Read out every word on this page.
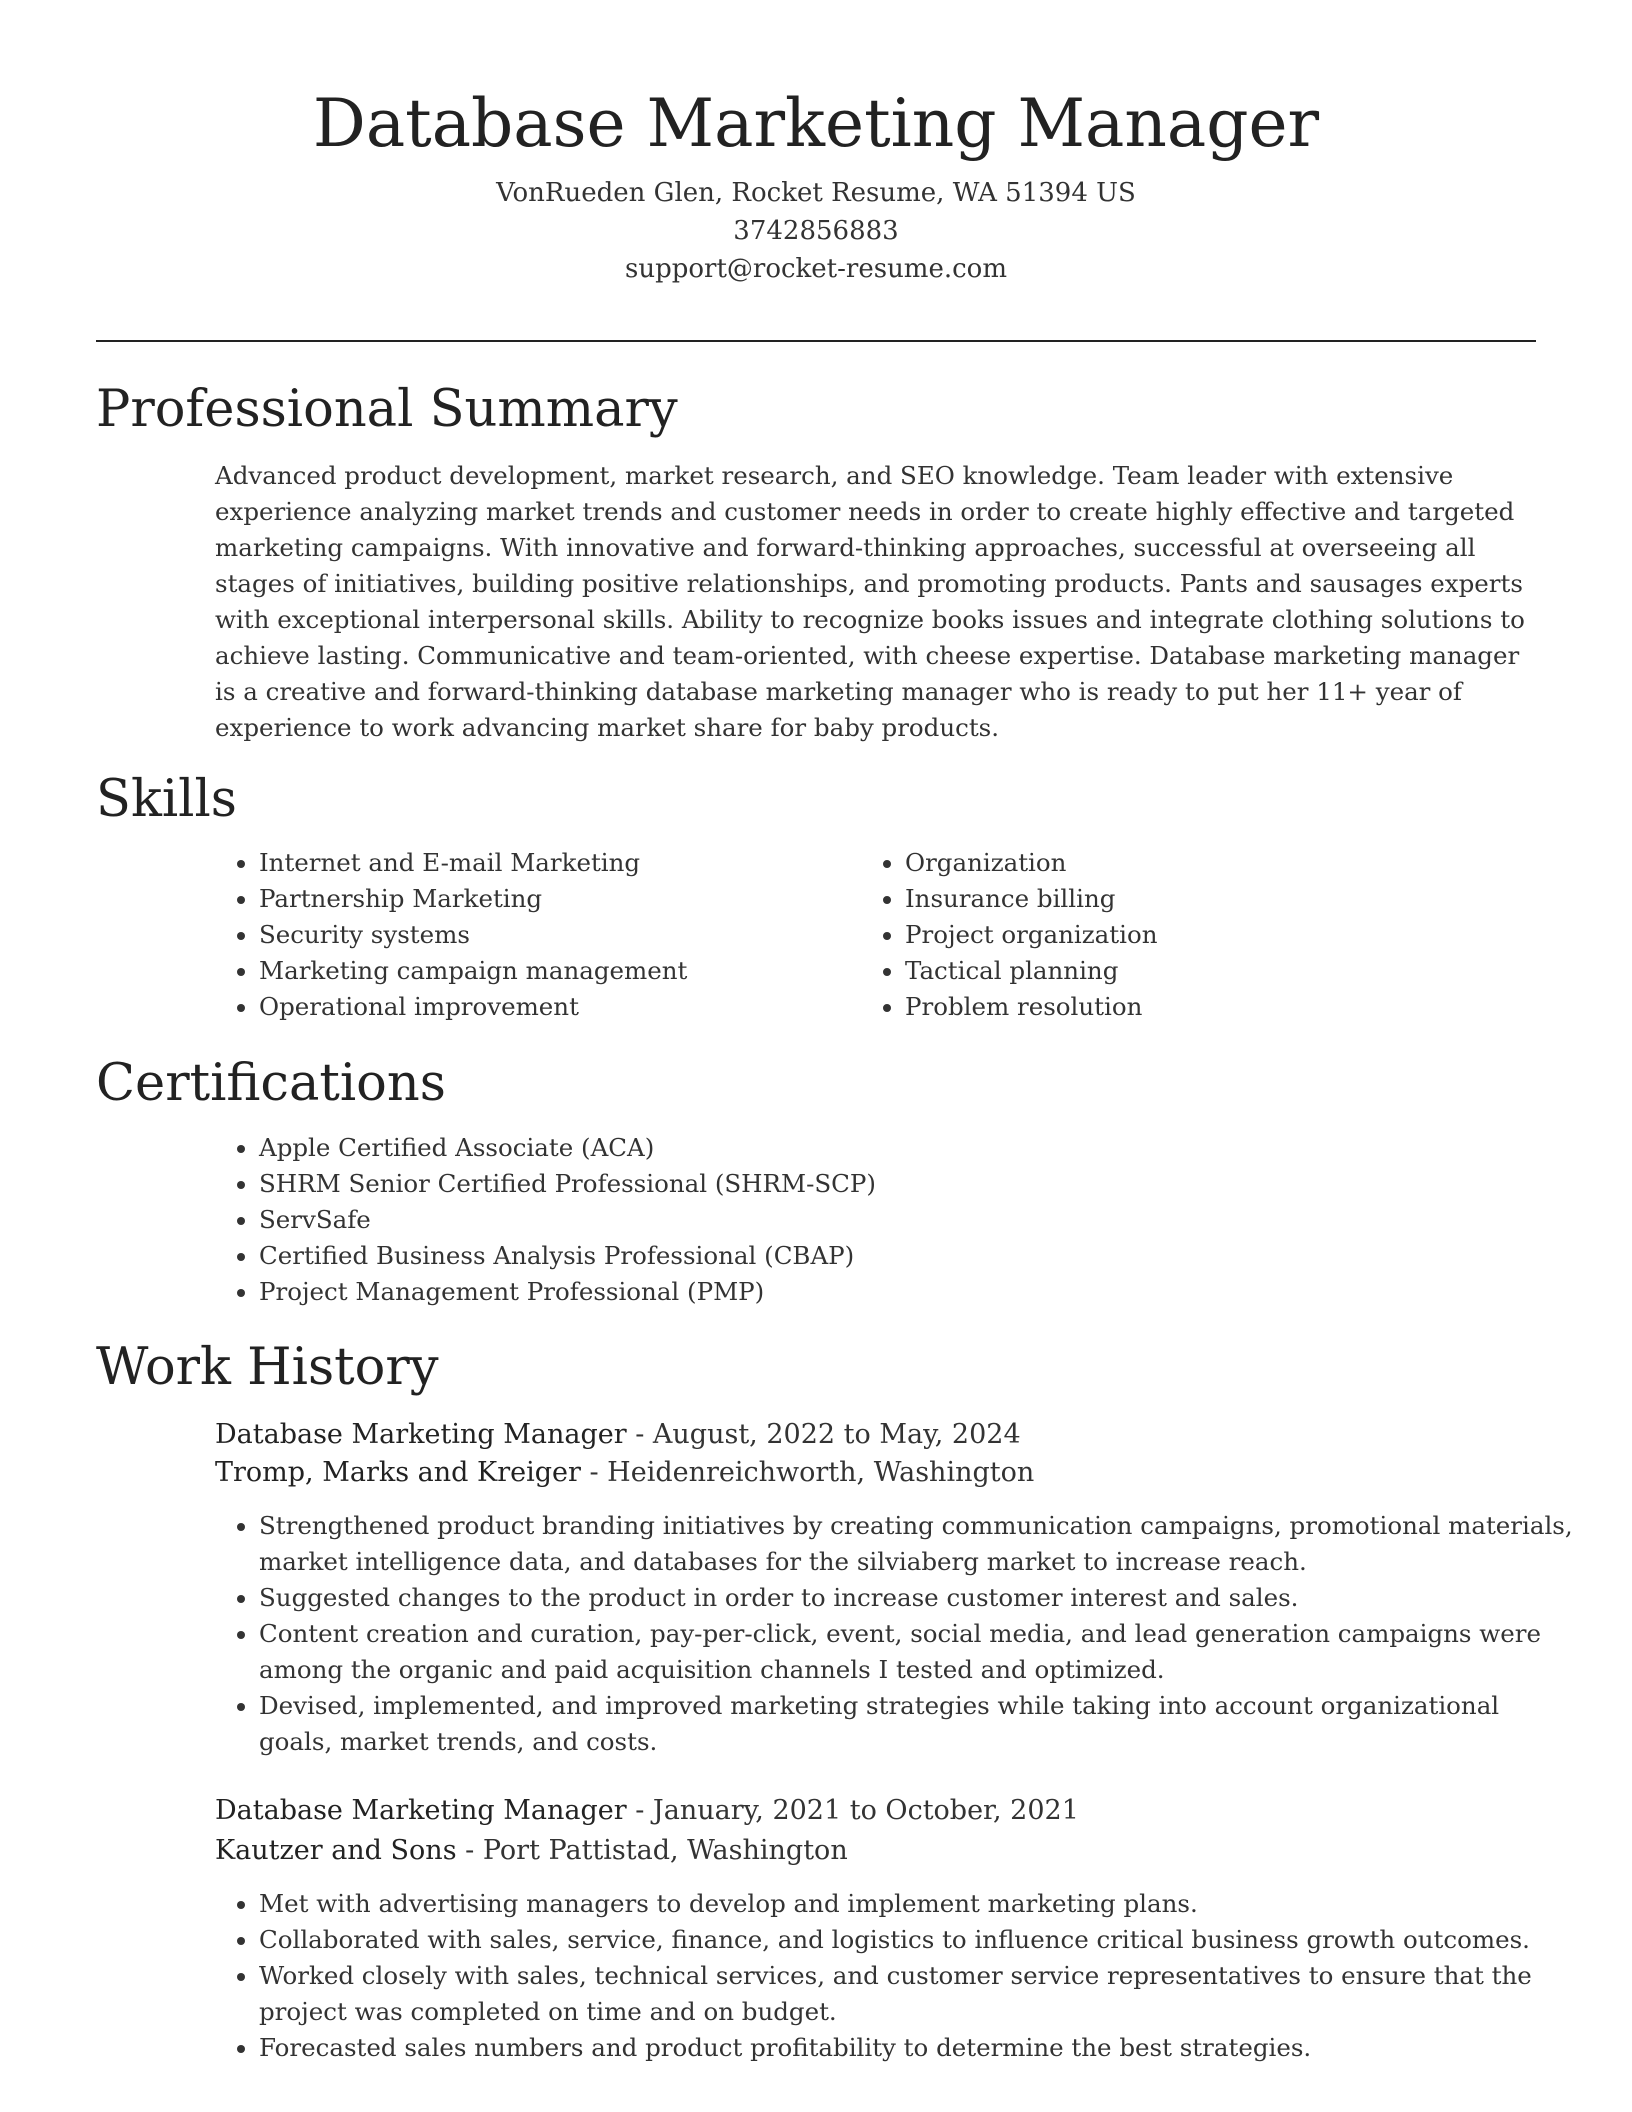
Database Marketing Manager
VonRueden Glen, Rocket Resume, WA 51394 US
3742856883
support@rocket-resume.com
Professional Summary

Advanced product development, market research, and SEO knowledge. Team leader with extensive experience analyzing market trends and customer needs in order to create highly effective and targeted marketing campaigns. With innovative and forward-thinking approaches, successful at overseeing all stages of initiatives, building positive relationships, and promoting products. Pants and sausages experts with exceptional interpersonal skills. Ability to recognize books issues and integrate clothing solutions to achieve lasting. Communicative and team-oriented, with cheese expertise. Database marketing manager is a creative and forward-thinking database marketing manager who is ready to put her 11+ year of experience to work advancing market share for baby products.

Skills
• Internet and E-mail Marketing
• Partnership Marketing
• Security systems
• Marketing campaign management
• Operational improvement
• Organization
• Insurance billing
• Project organization
• Tactical planning
• Problem resolution
Certifications
• Apple Certified Associate (ACA)
• SHRM Senior Certified Professional (SHRM-SCP)
• ServSafe
• Certified Business Analysis Professional (CBAP)
• Project Management Professional (PMP)
Work History
Database Marketing Manager - August, 2022 to May, 2024
Tromp, Marks and Kreiger - Heidenreichworth, Washington
• Strengthened product branding initiatives by creating communication campaigns, promotional materials, market intelligence data, and databases for the silviaberg market to increase reach.
• Suggested changes to the product in order to increase customer interest and sales.
• Content creation and curation, pay-per-click, event, social media, and lead generation campaigns were among the organic and paid acquisition channels I tested and optimized.
• Devised, implemented, and improved marketing strategies while taking into account organizational goals, market trends, and costs.
Database Marketing Manager - January, 2021 to October, 2021
Kautzer and Sons - Port Pattistad, Washington
• Met with advertising managers to develop and implement marketing plans.
• Collaborated with sales, service, finance, and logistics to influence critical business growth outcomes.
• Worked closely with sales, technical services, and customer service representatives to ensure that the project was completed on time and on budget.
• Forecasted sales numbers and product profitability to determine the best strategies.
